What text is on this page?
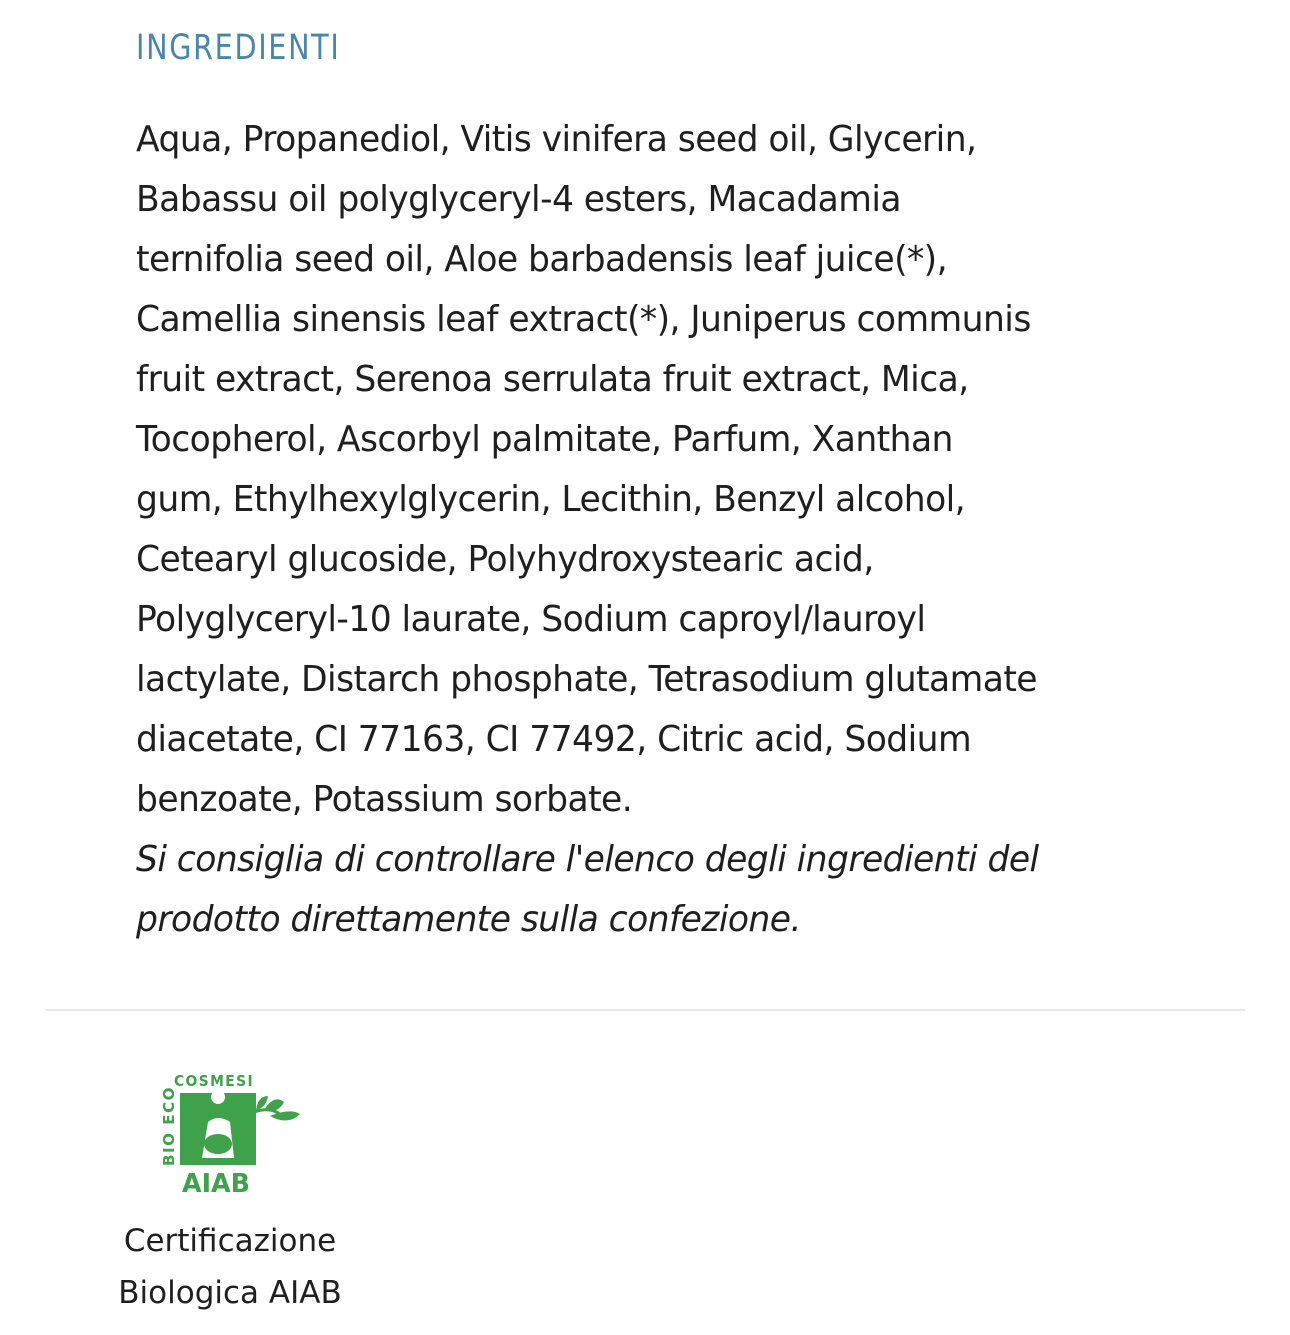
INGREDIENTI
Aqua, Propanediol, Vitis vinifera seed oil, Glycerin,
Babassu oil polyglyceryl-4 esters, Macadamia
ternifolia seed oil, Aloe barbadensis leaf juice(*),
Camellia sinensis leaf extract(*), Juniperus communis
fruit extract, Serenoa serrulata fruit extract, Mica,
Tocopherol, Ascorbyl palmitate, Parfum, Xanthan
gum, Ethylhexylglycerin, Lecithin, Benzyl alcohol,
Cetearyl glucoside, Polyhydroxystearic acid,
Polyglyceryl-10 laurate, Sodium caproyl/lauroyl
lactylate, Distarch phosphate, Tetrasodium glutamate
diacetate, CI 77163, CI 77492, Citric acid, Sodium
benzoate, Potassium sorbate.
Si consiglia di controllare l'elenco degli ingredienti del
prodotto direttamente sulla confezione.
COSMESI
BIO ECO
AIAB
Certificazione
Biologica AIAB
